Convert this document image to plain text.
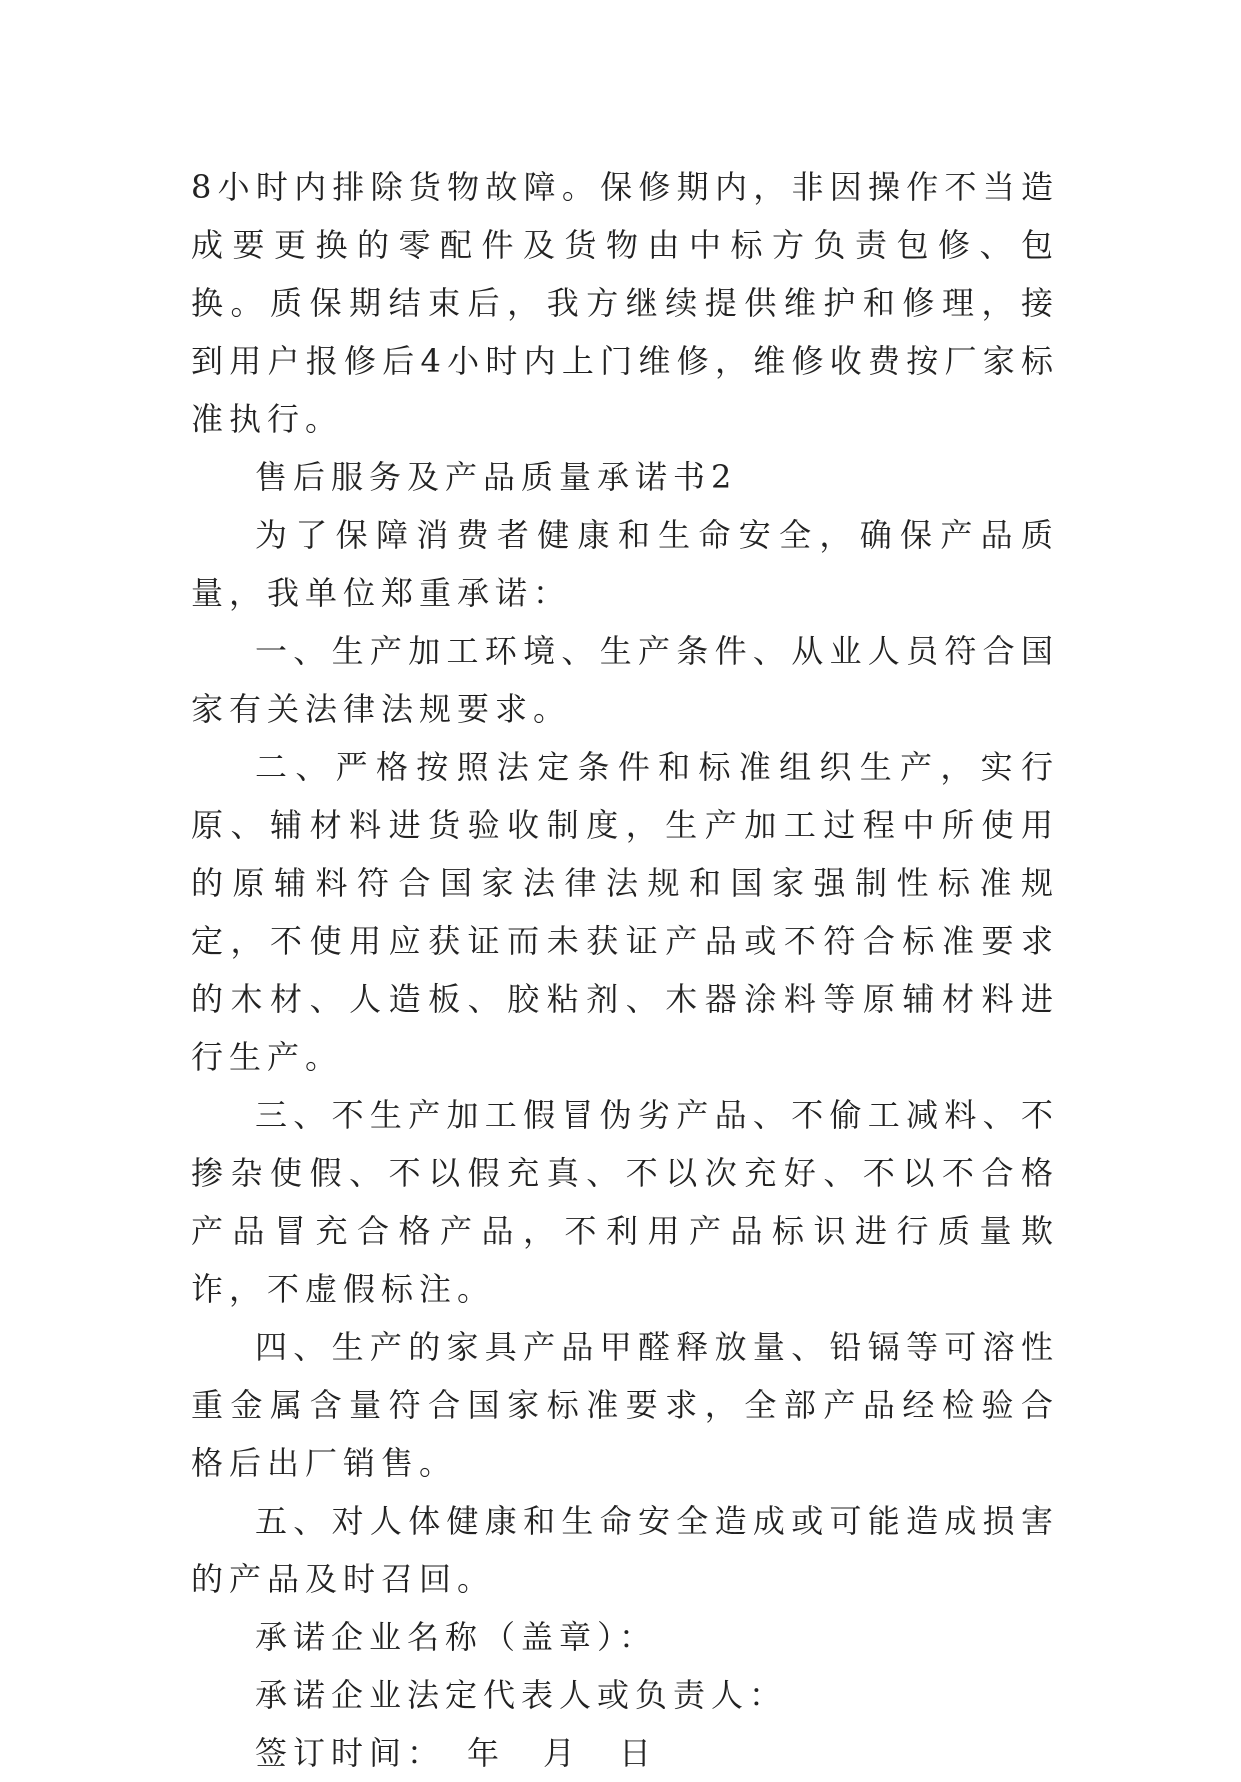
8小时内排除货物故障。保修期内，非因操作不当造成要更换的零配件及货物由中标方负责包修、包换。质保期结束后，我方继续提供维护和修理，接到用户报修后4小时内上门维修，维修收费按厂家标准执行。

售后服务及产品质量承诺书2

为了保障消费者健康和生命安全，确保产品质量，我单位郑重承诺：

一、生产加工环境、生产条件、从业人员符合国家有关法律法规要求。

二、严格按照法定条件和标准组织生产，实行原、辅材料进货验收制度，生产加工过程中所使用的原辅料符合国家法律法规和国家强制性标准规定，不使用应获证而未获证产品或不符合标准要求的木材、人造板、胶粘剂、木器涂料等原辅材料进行生产。

三、不生产加工假冒伪劣产品、不偷工减料、不掺杂使假、不以假充真、不以次充好、不以不合格产品冒充合格产品，不利用产品标识进行质量欺诈，不虚假标注。

四、生产的家具产品甲醛释放量、铅镉等可溶性重金属含量符合国家标准要求，全部产品经检验合格后出厂销售。

五、对人体健康和生命安全造成或可能造成损害的产品及时召回。

承诺企业名称（盖章）：

承诺企业法定代表人或负责人：

签订时间：　年　月　日
